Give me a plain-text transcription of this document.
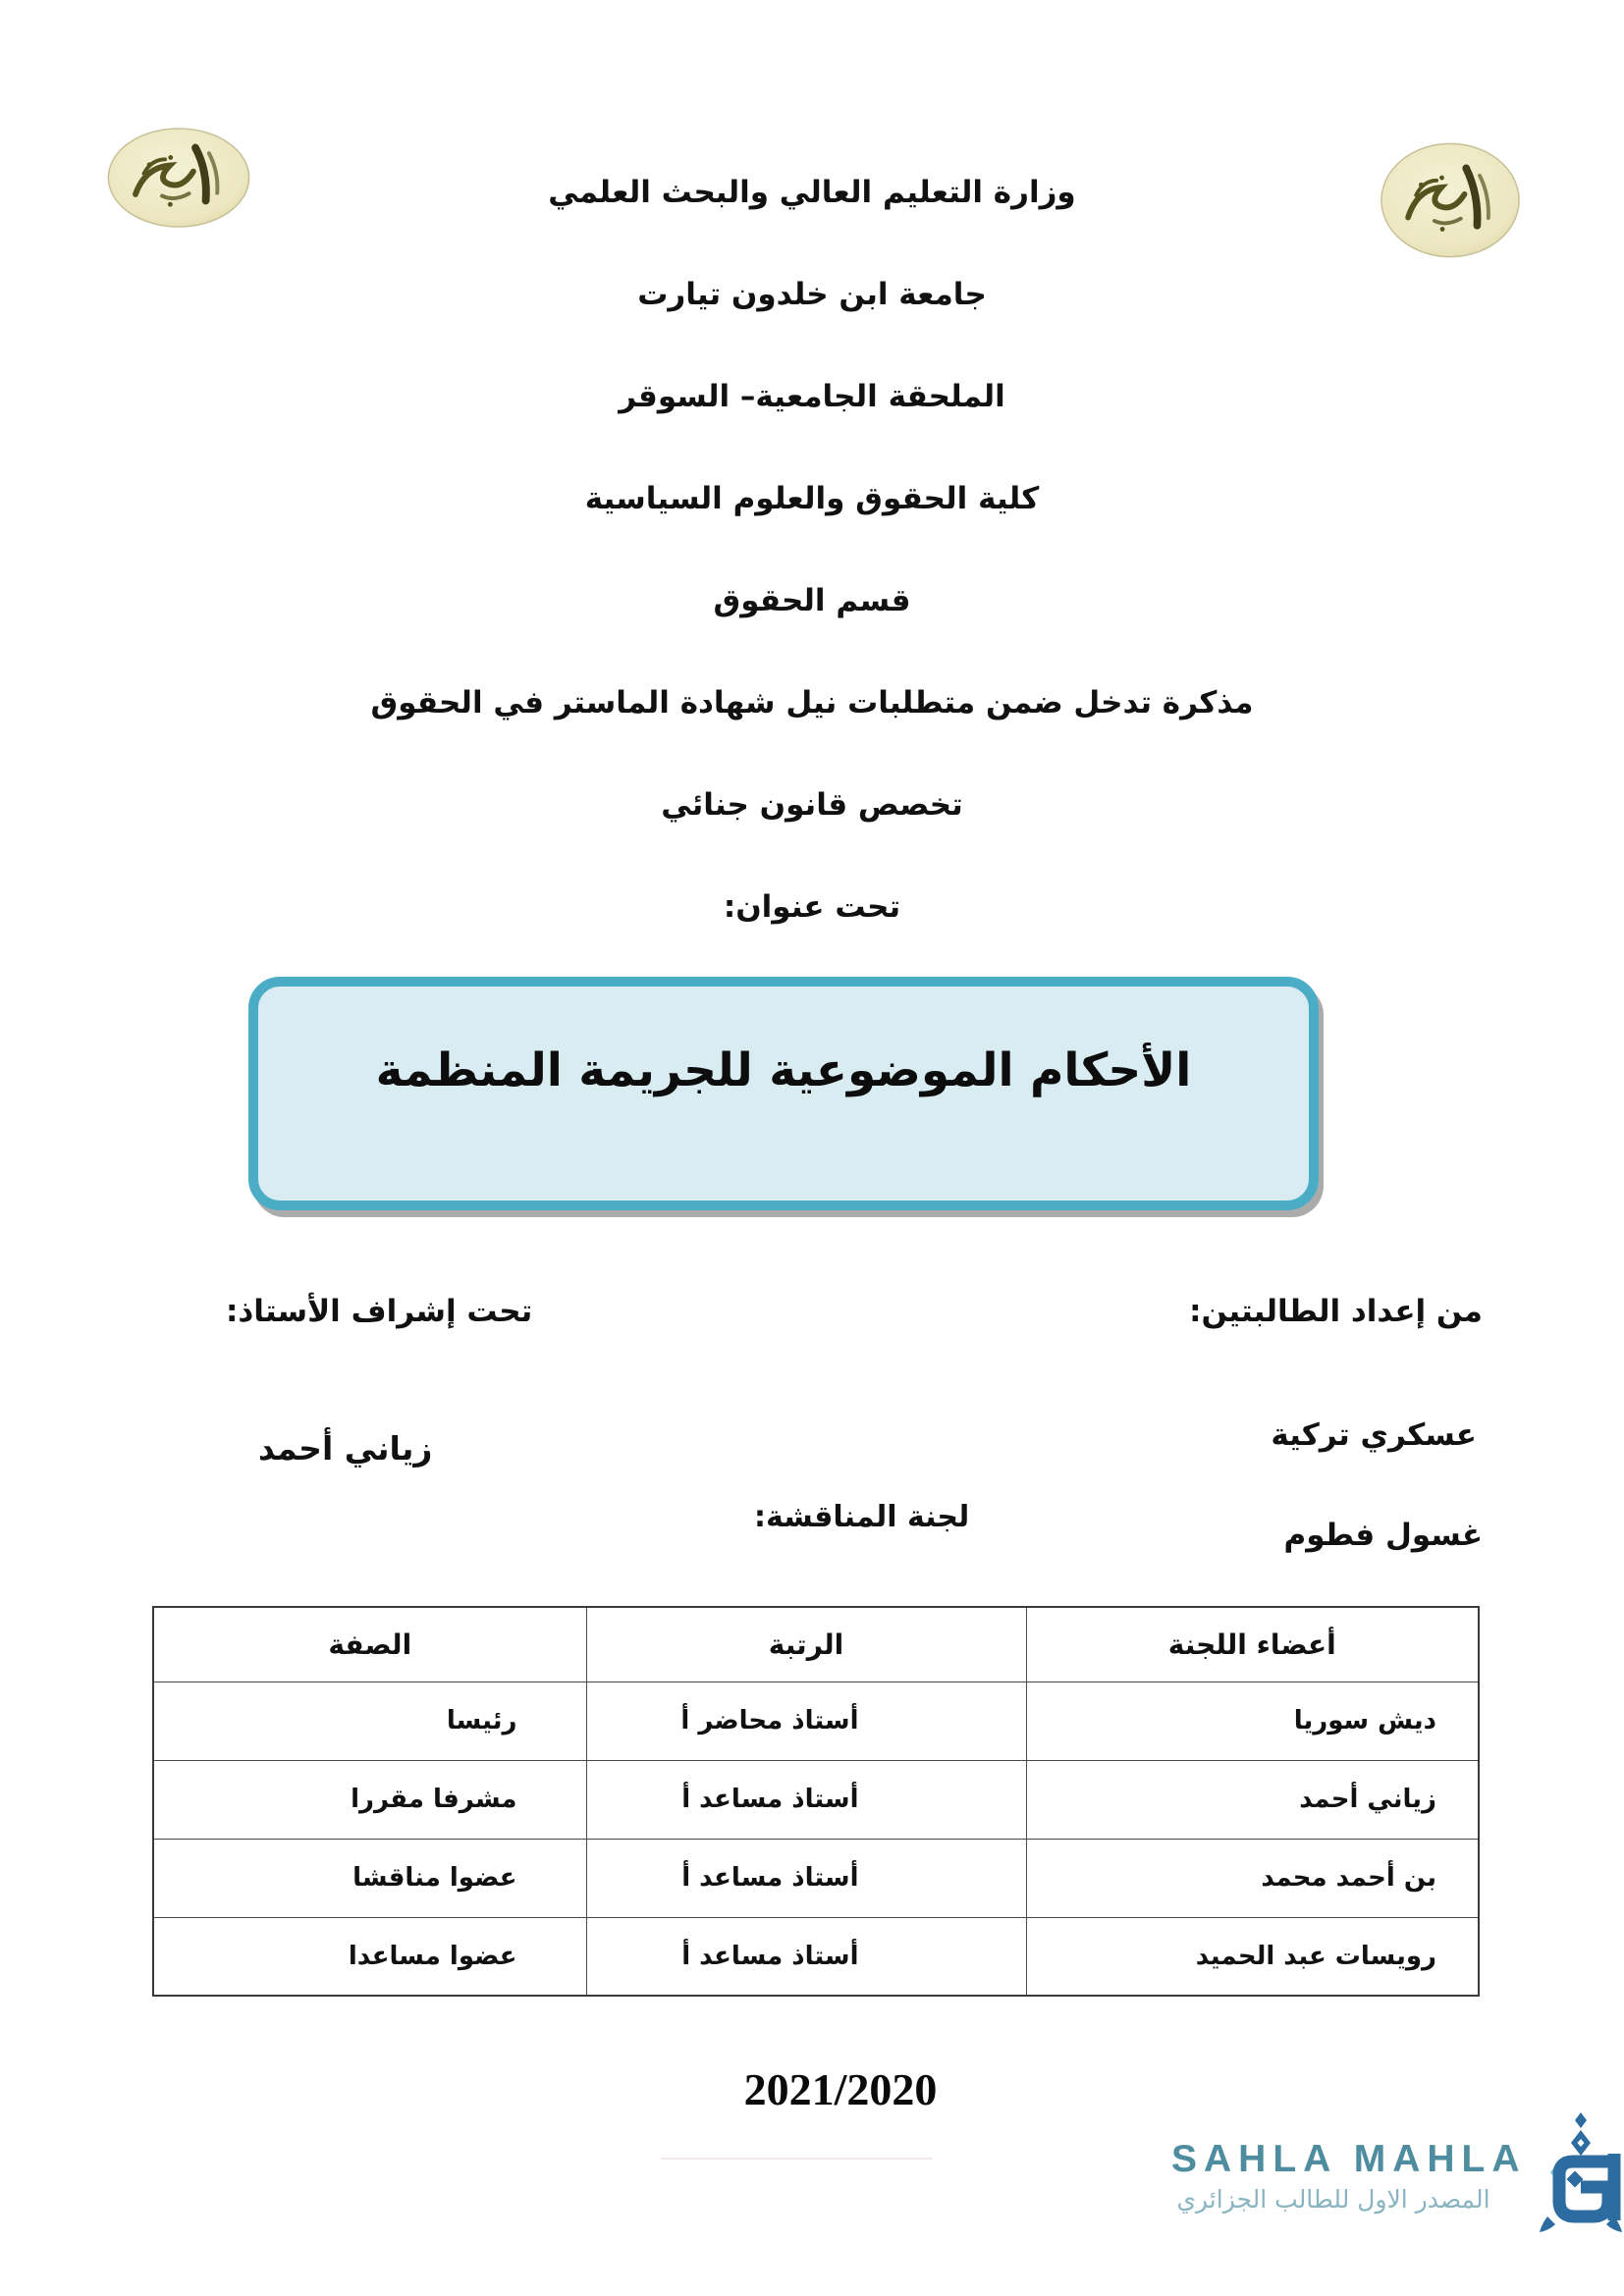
وزارة التعليم العالي والبحث العلمي
جامعة ابن خلدون تيارت
الملحقة الجامعية– السوقر
كلية الحقوق والعلوم السياسية
قسم الحقوق
مذكرة تدخل ضمن متطلبات نيل شهادة الماستر في الحقوق
تخصص قانون جنائي
تحت عنوان:
الأحكام الموضوعية للجريمة المنظمة
من إعداد الطالبتين:
تحت إشراف الأستاذ:
عسكري تركية
زياني أحمد
لجنة المناقشة:
غسول فطوم
أعضاء اللجنة	الرتبة	الصفة
ديش سوريا	أستاذ محاضر أ	رئيسا
زياني أحمد	أستاذ مساعد أ	مشرفا مقررا
بن أحمد محمد	أستاذ مساعد أ	عضوا مناقشا
رويسات عبد الحميد	أستاذ مساعد أ	عضوا مساعدا
2021/2020
SAHLA MAHLA
المصدر الاول للطالب الجزائري
